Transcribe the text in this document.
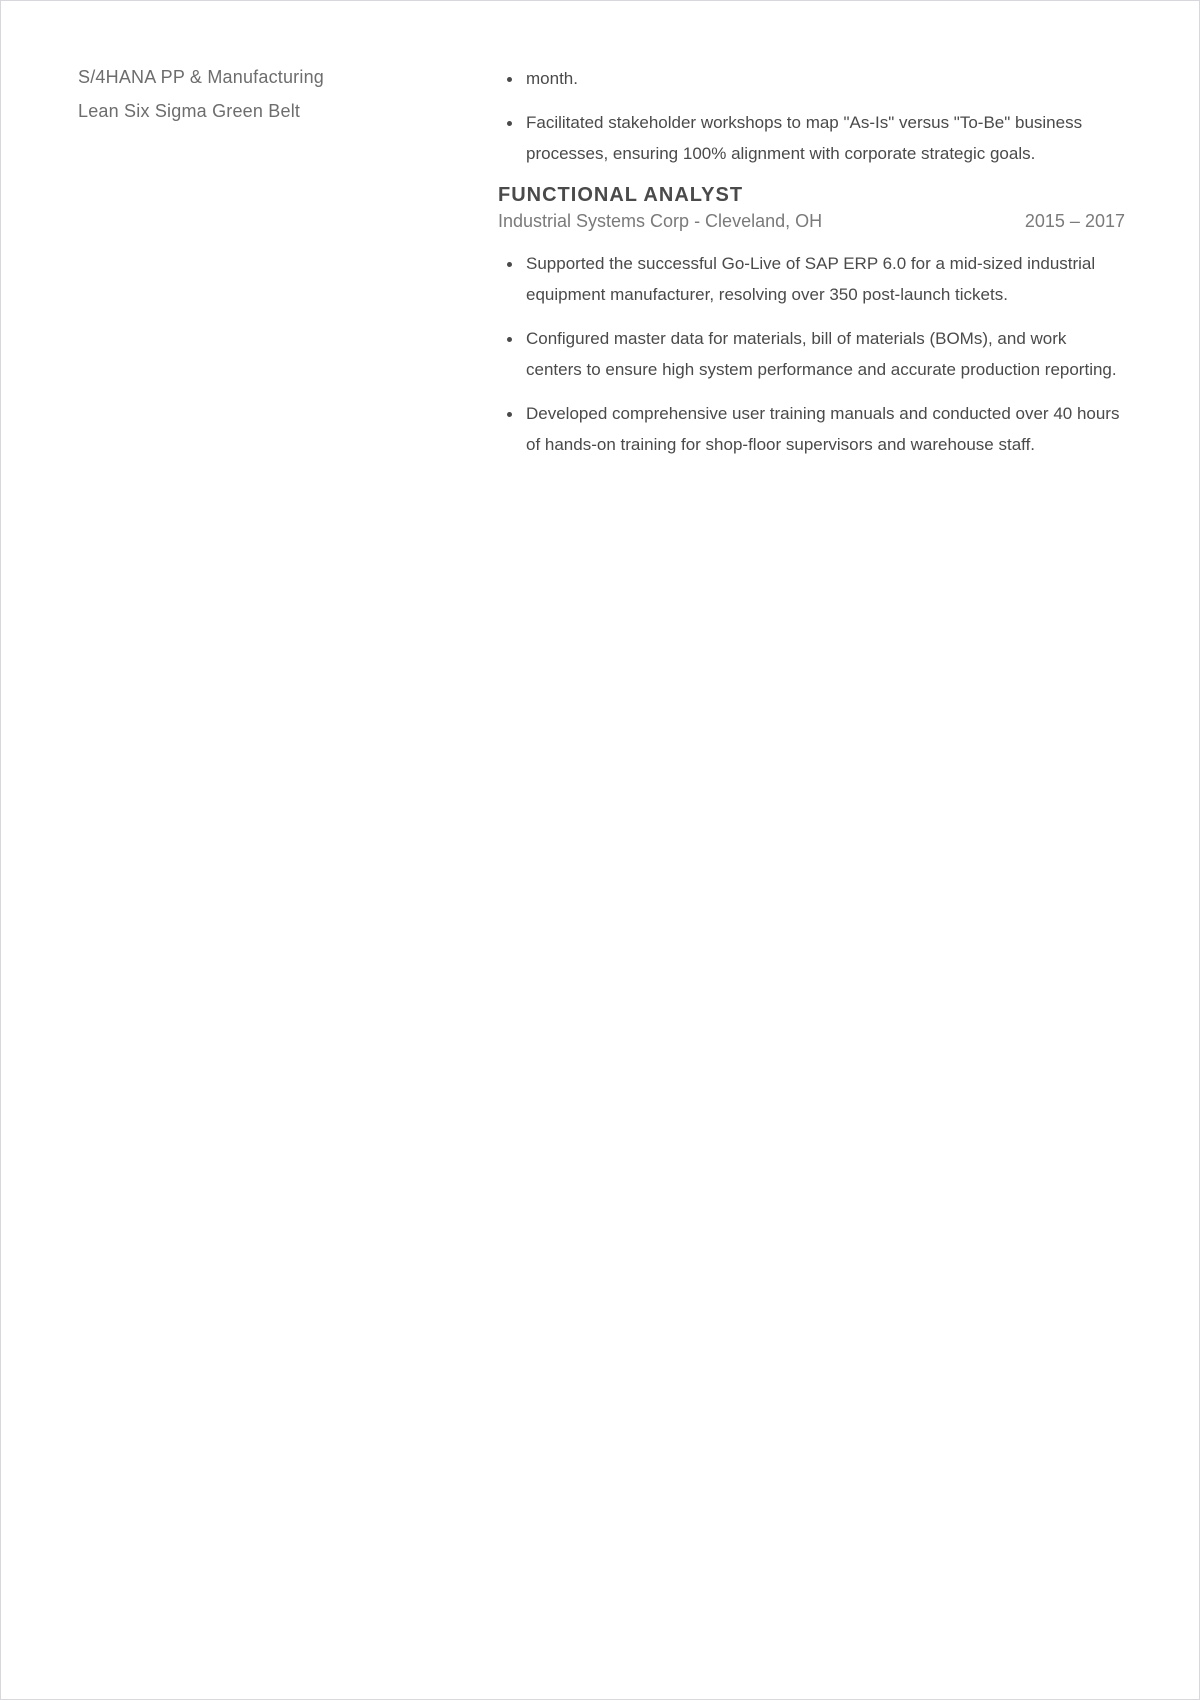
S/4HANA PP & Manufacturing
Lean Six Sigma Green Belt
month.
Facilitated stakeholder workshops to map "As-Is" versus "To-Be" business processes, ensuring 100% alignment with corporate strategic goals.
FUNCTIONAL ANALYST
Industrial Systems Corp - Cleveland, OH	2015 – 2017
Supported the successful Go-Live of SAP ERP 6.0 for a mid-sized industrial equipment manufacturer, resolving over 350 post-launch tickets.
Configured master data for materials, bill of materials (BOMs), and work centers to ensure high system performance and accurate production reporting.
Developed comprehensive user training manuals and conducted over 40 hours of hands-on training for shop-floor supervisors and warehouse staff.
